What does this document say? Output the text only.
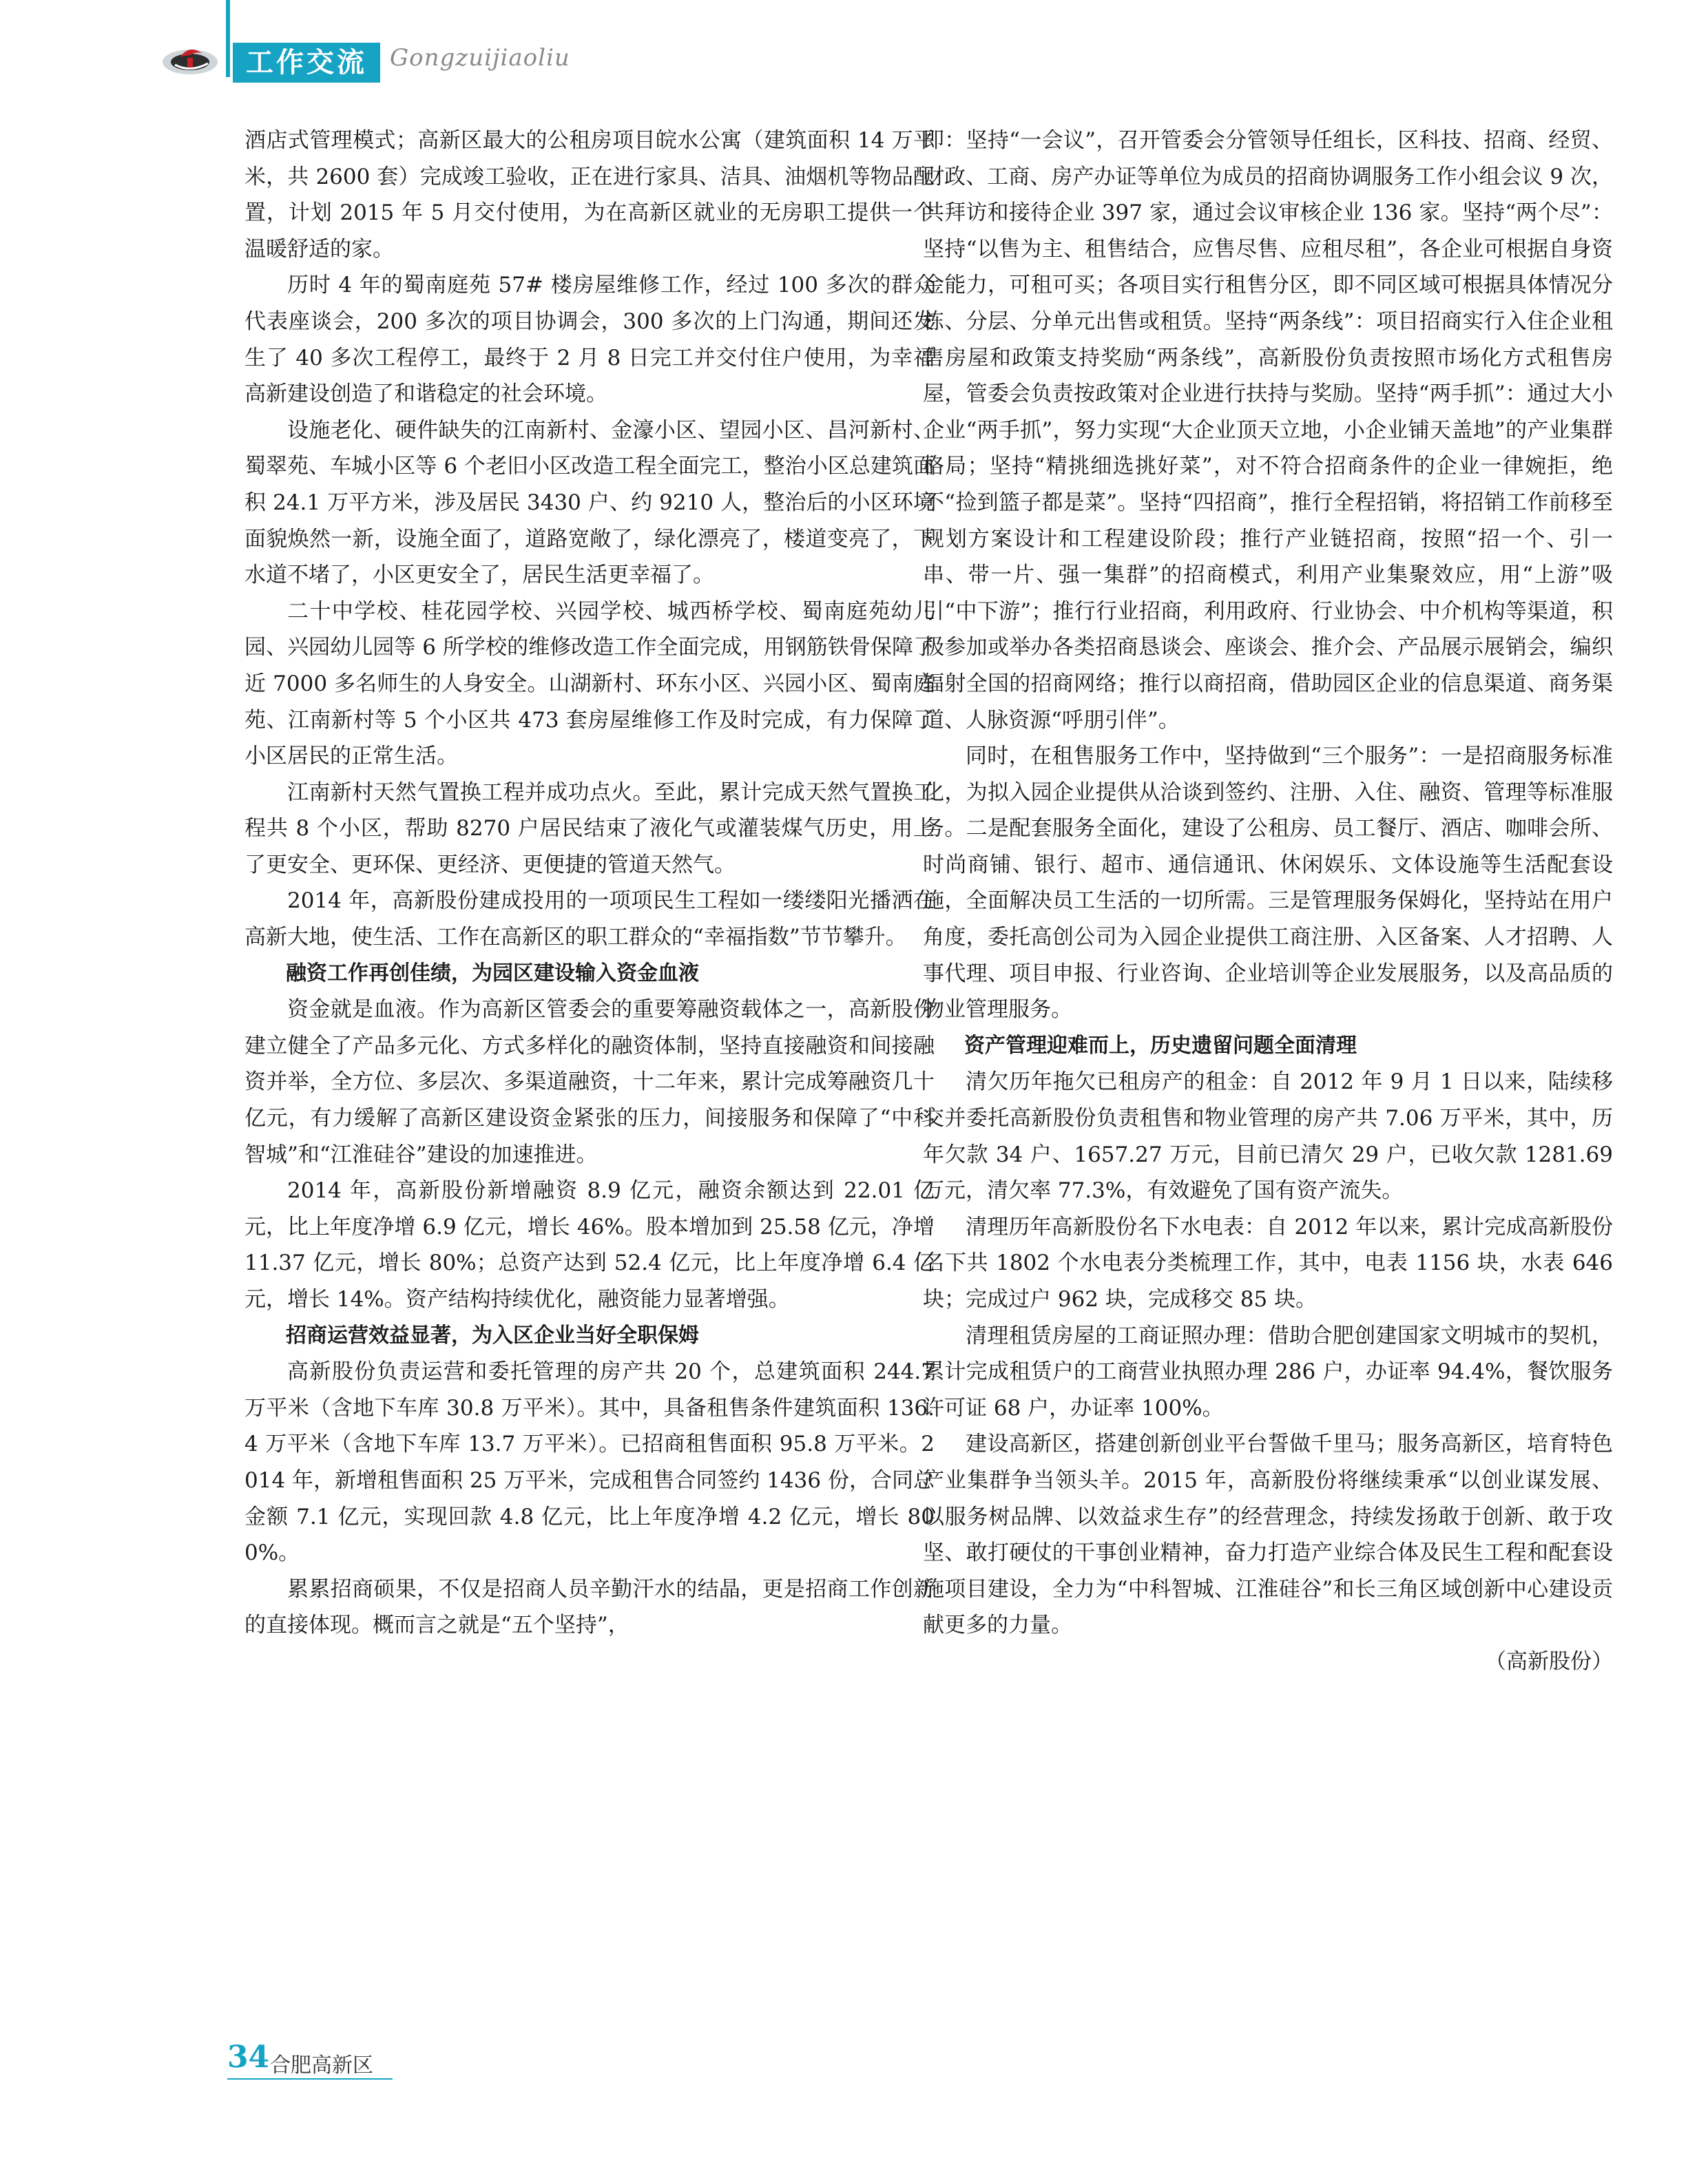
工作交流 Gongzuijiaoliu

酒店式管理模式；高新区最大的公租房项目皖水公寓（建筑面积 14 万平米，共 2600 套）完成竣工验收，正在进行家具、洁具、油烟机等物品配置，计划 2015 年 5 月交付使用，为在高新区就业的无房职工提供一个温暖舒适的家。

历时 4 年的蜀南庭苑 57# 楼房屋维修工作，经过 100 多次的群众代表座谈会，200 多次的项目协调会，300 多次的上门沟通，期间还发生了 40 多次工程停工，最终于 2 月 8 日完工并交付住户使用，为幸福高新建设创造了和谐稳定的社会环境。

设施老化、硬件缺失的江南新村、金濠小区、望园小区、昌河新村、蜀翠苑、车城小区等 6 个老旧小区改造工程全面完工，整治小区总建筑面积 24.1 万平方米，涉及居民 3430 户、约 9210 人，整治后的小区环境面貌焕然一新，设施全面了，道路宽敞了，绿化漂亮了，楼道变亮了，下水道不堵了，小区更安全了，居民生活更幸福了。

二十中学校、桂花园学校、兴园学校、城西桥学校、蜀南庭苑幼儿园、兴园幼儿园等 6 所学校的维修改造工作全面完成，用钢筋铁骨保障了近 7000 多名师生的人身安全。山湖新村、环东小区、兴园小区、蜀南庭苑、江南新村等 5 个小区共 473 套房屋维修工作及时完成，有力保障了小区居民的正常生活。

江南新村天然气置换工程并成功点火。至此，累计完成天然气置换工程共 8 个小区，帮助 8270 户居民结束了液化气或灌装煤气历史，用上了更安全、更环保、更经济、更便捷的管道天然气。

2014 年，高新股份建成投用的一项项民生工程如一缕缕阳光播洒在高新大地，使生活、工作在高新区的职工群众的“幸福指数”节节攀升。

融资工作再创佳绩，为园区建设输入资金血液

资金就是血液。作为高新区管委会的重要筹融资载体之一，高新股份建立健全了产品多元化、方式多样化的融资体制，坚持直接融资和间接融资并举，全方位、多层次、多渠道融资，十二年来，累计完成筹融资几十亿元，有力缓解了高新区建设资金紧张的压力，间接服务和保障了“中科智城”和“江淮硅谷”建设的加速推进。

2014 年，高新股份新增融资 8.9 亿元，融资余额达到 22.01 亿元，比上年度净增 6.9 亿元，增长 46%。股本增加到 25.58 亿元，净增 11.37 亿元，增长 80%；总资产达到 52.4 亿元，比上年度净增 6.4 亿元，增长 14%。资产结构持续优化，融资能力显著增强。

招商运营效益显著，为入区企业当好全职保姆

高新股份负责运营和委托管理的房产共 20 个，总建筑面积 244.7 万平米（含地下车库 30.8 万平米）。其中，具备租售条件建筑面积 136.4 万平米（含地下车库 13.7 万平米）。已招商租售面积 95.8 万平米。2014 年，新增租售面积 25 万平米，完成租售合同签约 1436 份，合同总金额 7.1 亿元，实现回款 4.8 亿元，比上年度净增 4.2 亿元，增长 800%。

累累招商硕果，不仅是招商人员辛勤汗水的结晶，更是招商工作创新的直接体现。概而言之就是“五个坚持”，

即：坚持“一会议”，召开管委会分管领导任组长，区科技、招商、经贸、财政、工商、房产办证等单位为成员的招商协调服务工作小组会议 9 次，共拜访和接待企业 397 家，通过会议审核企业 136 家。坚持“两个尽”：坚持“以售为主、租售结合，应售尽售、应租尽租”，各企业可根据自身资金能力，可租可买；各项目实行租售分区，即不同区域可根据具体情况分栋、分层、分单元出售或租赁。坚持“两条线”：项目招商实行入住企业租售房屋和政策支持奖励“两条线”，高新股份负责按照市场化方式租售房屋，管委会负责按政策对企业进行扶持与奖励。坚持“两手抓”：通过大小企业“两手抓”，努力实现“大企业顶天立地，小企业铺天盖地”的产业集群格局；坚持“精挑细选挑好菜”，对不符合招商条件的企业一律婉拒，绝不“捡到篮子都是菜”。坚持“四招商”，推行全程招销，将招销工作前移至规划方案设计和工程建设阶段；推行产业链招商，按照“招一个、引一串、带一片、强一集群”的招商模式，利用产业集聚效应，用“上游”吸引“中下游”；推行行业招商，利用政府、行业协会、中介机构等渠道，积极参加或举办各类招商恳谈会、座谈会、推介会、产品展示展销会，编织辐射全国的招商网络；推行以商招商，借助园区企业的信息渠道、商务渠道、人脉资源“呼朋引伴”。

同时，在租售服务工作中，坚持做到“三个服务”：一是招商服务标准化，为拟入园企业提供从洽谈到签约、注册、入住、融资、管理等标准服务。二是配套服务全面化，建设了公租房、员工餐厅、酒店、咖啡会所、时尚商铺、银行、超市、通信通讯、休闲娱乐、文体设施等生活配套设施，全面解决员工生活的一切所需。三是管理服务保姆化，坚持站在用户角度，委托高创公司为入园企业提供工商注册、入区备案、人才招聘、人事代理、项目申报、行业咨询、企业培训等企业发展服务，以及高品质的物业管理服务。

资产管理迎难而上，历史遗留问题全面清理

清欠历年拖欠已租房产的租金：自 2012 年 9 月 1 日以来，陆续移交并委托高新股份负责租售和物业管理的房产共 7.06 万平米，其中，历年欠款 34 户、1657.27 万元，目前已清欠 29 户，已收欠款 1281.69 万元，清欠率 77.3%，有效避免了国有资产流失。

清理历年高新股份名下水电表：自 2012 年以来，累计完成高新股份名下共 1802 个水电表分类梳理工作，其中，电表 1156 块，水表 646 块；完成过户 962 块，完成移交 85 块。

清理租赁房屋的工商证照办理：借助合肥创建国家文明城市的契机，累计完成租赁户的工商营业执照办理 286 户，办证率 94.4%，餐饮服务许可证 68 户，办证率 100%。

建设高新区，搭建创新创业平台誓做千里马；服务高新区，培育特色产业集群争当领头羊。2015 年，高新股份将继续秉承“以创业谋发展、以服务树品牌、以效益求生存”的经营理念，持续发扬敢于创新、敢于攻坚、敢打硬仗的干事创业精神，奋力打造产业综合体及民生工程和配套设施项目建设，全力为“中科智城、江淮硅谷”和长三角区域创新中心建设贡献更多的力量。

（高新股份）

34 合肥高新区
